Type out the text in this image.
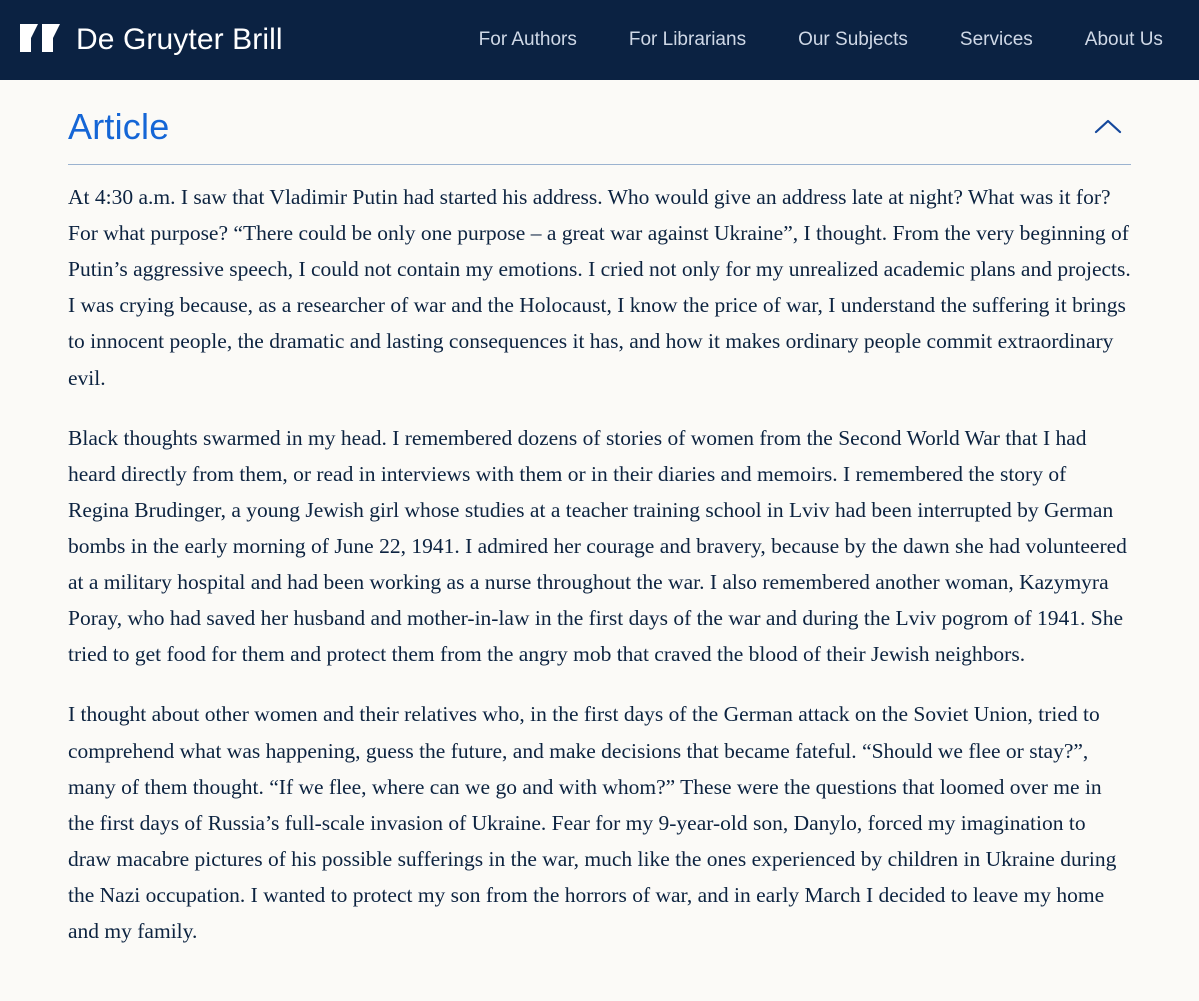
De Gruyter Brill	For Authors	For Librarians	Our Subjects	Services	About Us
Article

At 4:30 a.m. I saw that Vladimir Putin had started his address. Who would give an address late at night? What was it for? For what purpose? “There could be only one purpose – a great war against Ukraine”, I thought. From the very beginning of Putin’s aggressive speech, I could not contain my emotions. I cried not only for my unrealized academic plans and projects. I was crying because, as a researcher of war and the Holocaust, I know the price of war, I understand the suffering it brings to innocent people, the dramatic and lasting consequences it has, and how it makes ordinary people commit extraordinary evil.

Black thoughts swarmed in my head. I remembered dozens of stories of women from the Second World War that I had heard directly from them, or read in interviews with them or in their diaries and memoirs. I remembered the story of Regina Brudinger, a young Jewish girl whose studies at a teacher training school in Lviv had been interrupted by German bombs in the early morning of June 22, 1941. I admired her courage and bravery, because by the dawn she had volunteered at a military hospital and had been working as a nurse throughout the war. I also remembered another woman, Kazymyra Poray, who had saved her husband and mother-in-law in the first days of the war and during the Lviv pogrom of 1941. She tried to get food for them and protect them from the angry mob that craved the blood of their Jewish neighbors.

I thought about other women and their relatives who, in the first days of the German attack on the Soviet Union, tried to comprehend what was happening, guess the future, and make decisions that became fateful. “Should we flee or stay?”, many of them thought. “If we flee, where can we go and with whom?” These were the questions that loomed over me in the first days of Russia’s full-scale invasion of Ukraine. Fear for my 9-year-old son, Danylo, forced my imagination to draw macabre pictures of his possible sufferings in the war, much like the ones experienced by children in Ukraine during the Nazi occupation. I wanted to protect my son from the horrors of war, and in early March I decided to leave my home and my family.
